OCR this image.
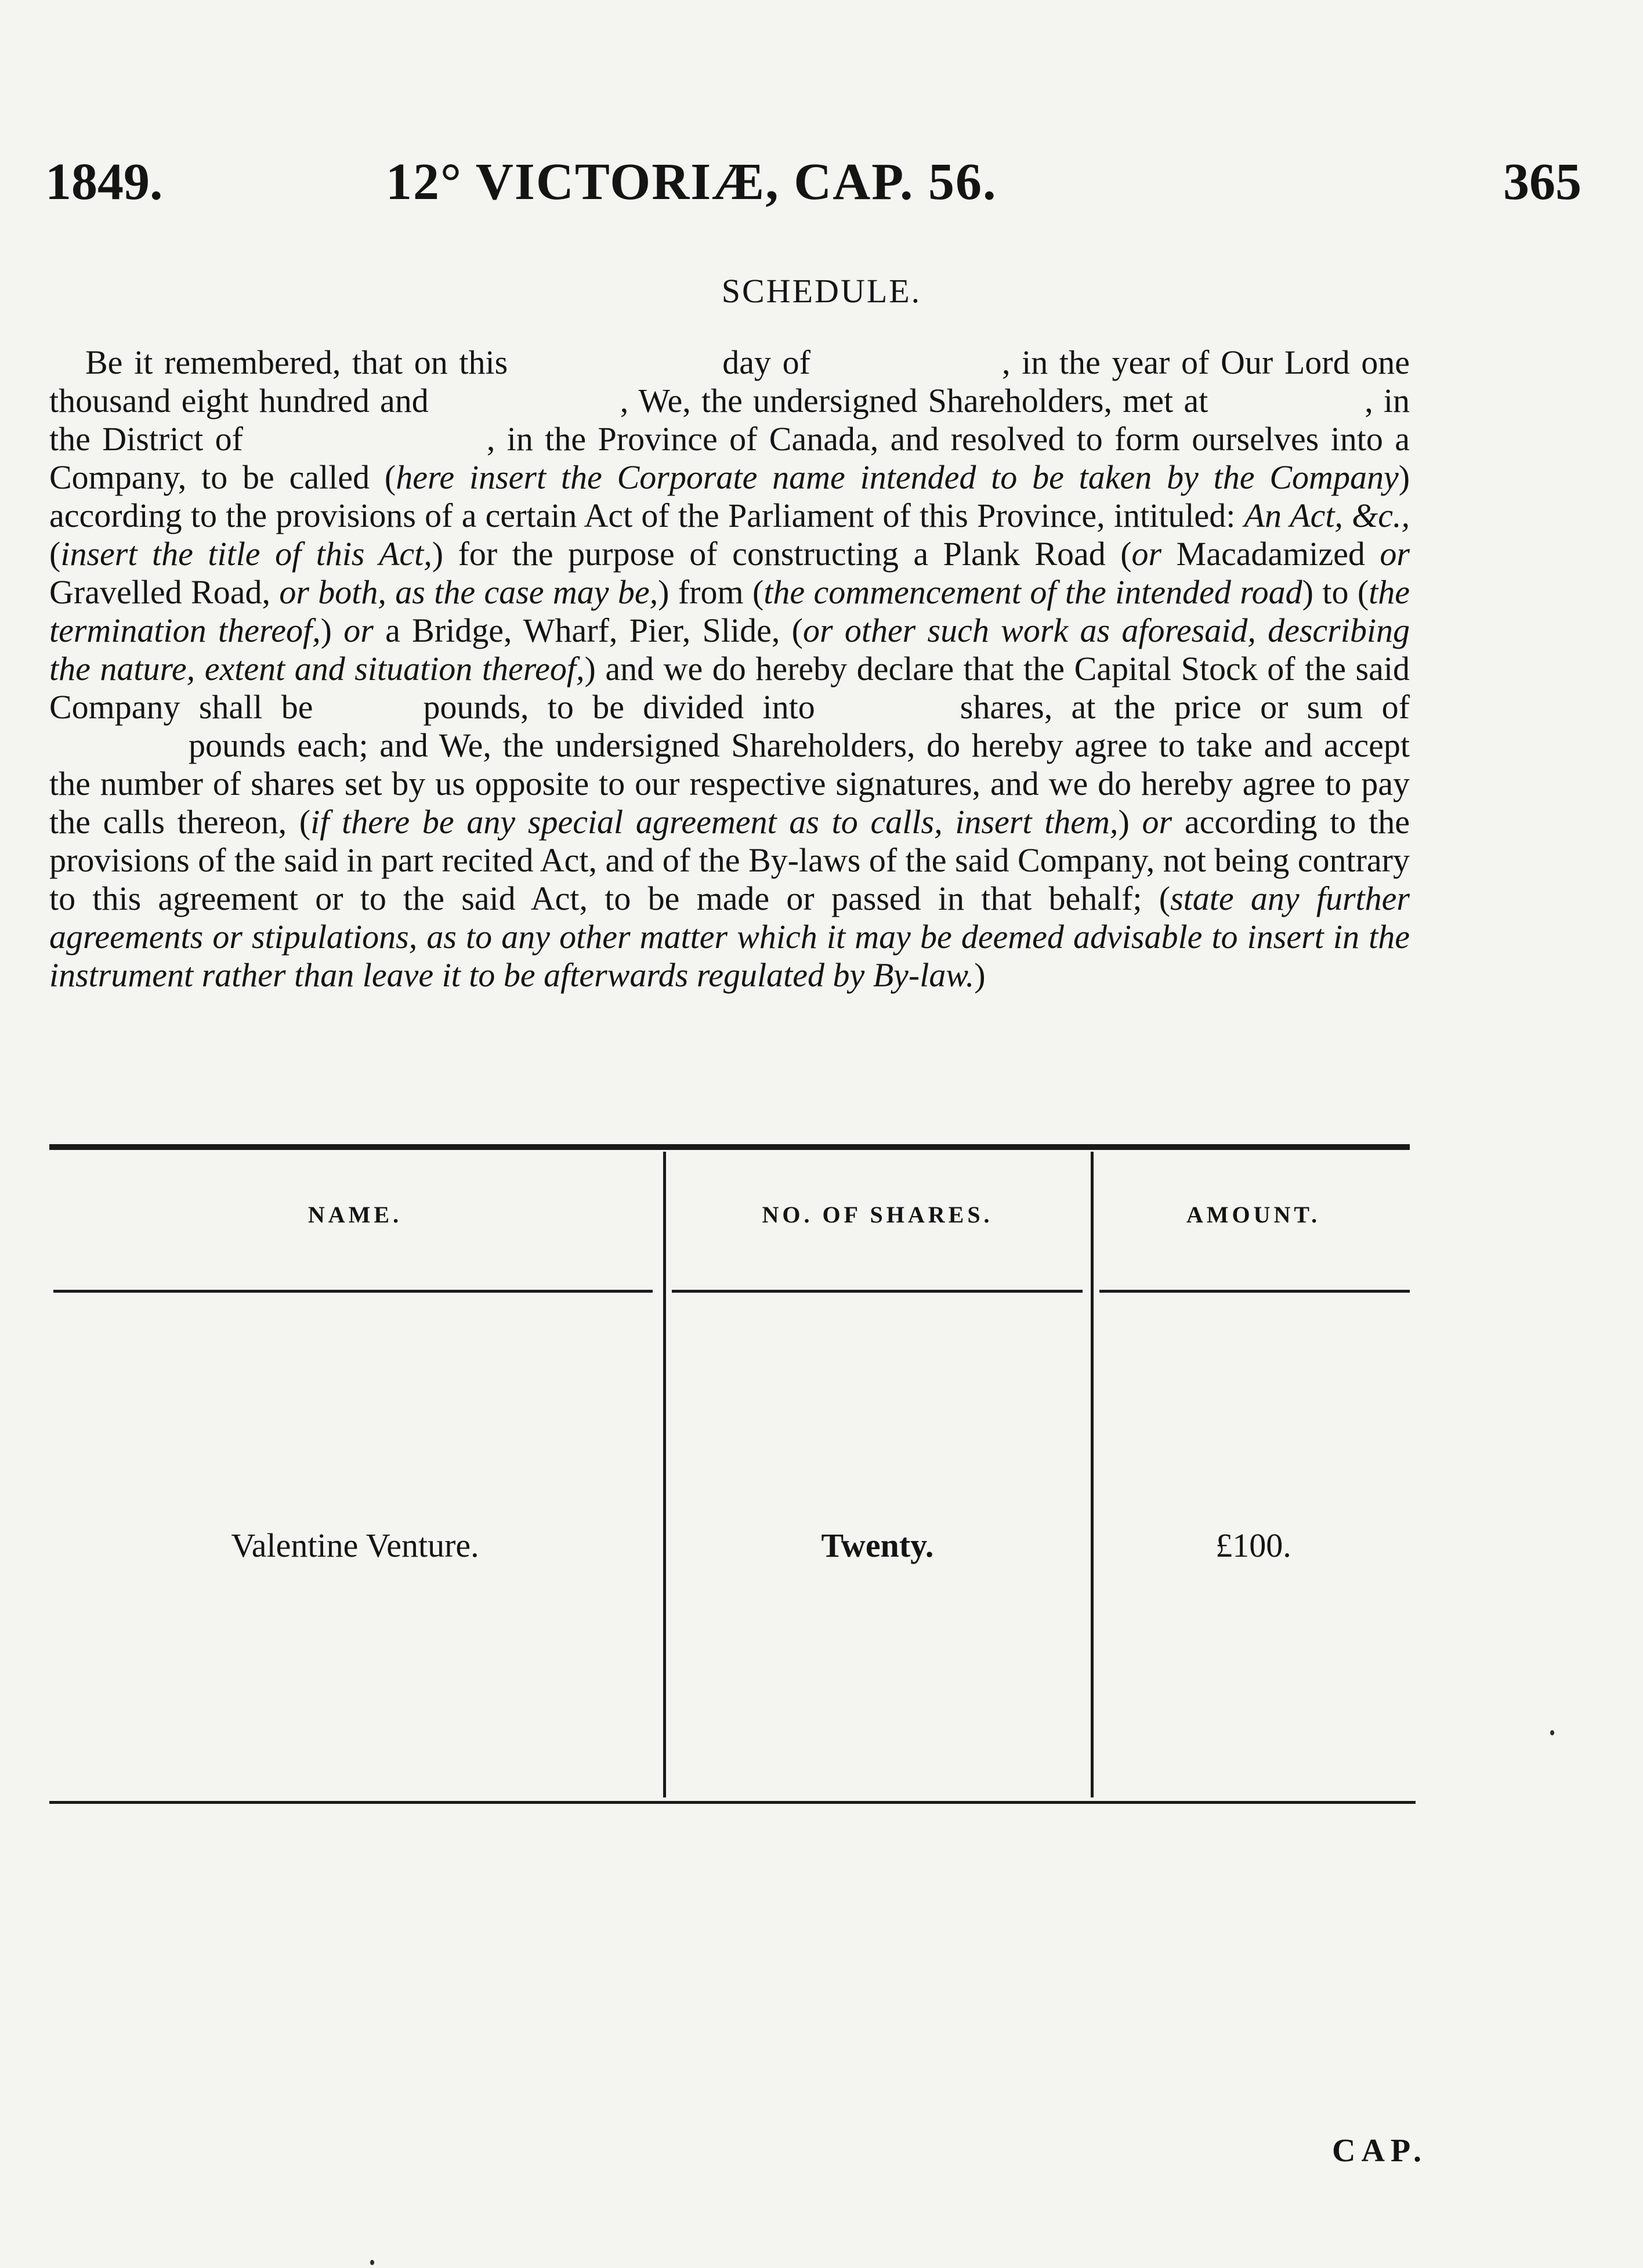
1849.	12° VICTORIÆ, CAP. 56.	365
SCHEDULE.

Be it remembered, that on this	day of	, in the year of Our Lord one thousand eight hundred and	, We, the undersigned Shareholders, met at	, in the District of	, in the Province of Canada, and resolved to form ourselves into a Company, to be called (here insert the Corporate name intended to be taken by the Company) according to the provisions of a certain Act of the Parliament of this Province, intituled: An Act, &c., (insert the title of this Act,) for the purpose of constructing a Plank Road (or Macadamized or Gravelled Road, or both, as the case may be,) from (the commencement of the intended road) to (the termination thereof,) or a Bridge, Wharf, Pier, Slide, (or other such work as aforesaid, describing the nature, extent and situation thereof,) and we do hereby declare that the Capital Stock of the said Company shall be	pounds, to be divided into	shares, at the price or sum ofpounds each; and We, the undersigned Shareholders, do hereby agree to take and accept the number of shares set by us opposite to our respective signatures, and we do hereby agree to pay the calls thereon, (if there be any special agreement as to calls, insert them,) or according to the provisions of the said in part recited Act, and of the By-laws of the said Company, not being contrary to this agreement or to the said Act, to be made or passed in that behalf; (state any further agreements or stipulations, as to any other matter which it may be deemed advisable to insert in the instrument rather than leave it to be afterwards regulated by By-law.)

NAME.	NO. OF SHARES.	AMOUNT.
Valentine Venture.	Twenty.	£100.
CAP.
